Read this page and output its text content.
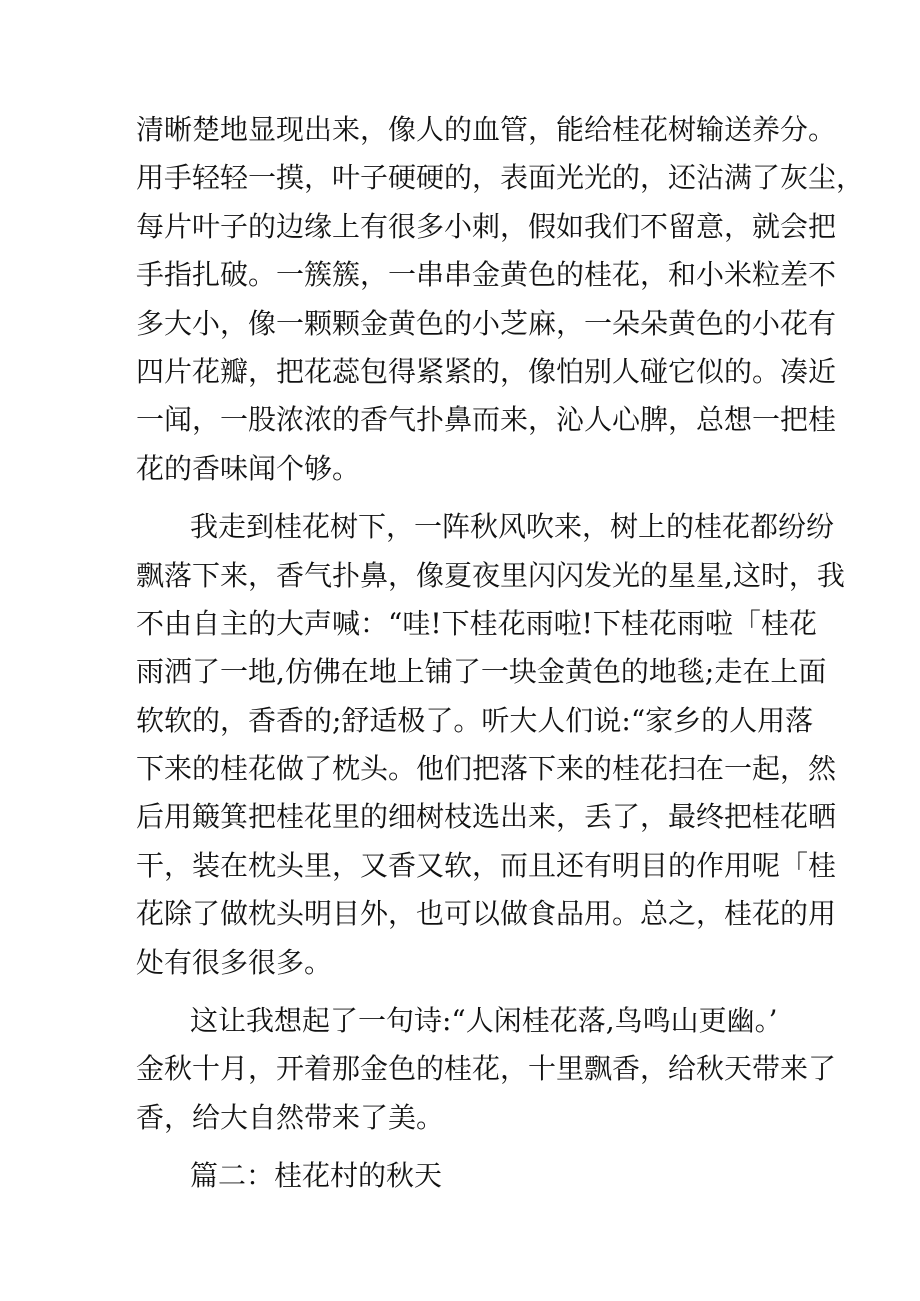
清晰楚地显现出来，像人的血管，能给桂花树输送养分。
用手轻轻一摸，叶子硬硬的，表面光光的，还沾满了灰尘，
每片叶子的边缘上有很多小刺，假如我们不留意，就会把
手指扎破。一簇簇，一串串金黄色的桂花，和小米粒差不
多大小，像一颗颗金黄色的小芝麻，一朵朵黄色的小花有
四片花瓣，把花蕊包得紧紧的，像怕别人碰它似的。凑近
一闻，一股浓浓的香气扑鼻而来，沁人心脾，总想一把桂
花的香味闻个够。
我走到桂花树下，一阵秋风吹来，树上的桂花都纷纷
飘落下来，香气扑鼻，像夏夜里闪闪发光的星星,这时，我
不由自主的大声喊：“哇!下桂花雨啦!下桂花雨啦「桂花
雨洒了一地,仿佛在地上铺了一块金黄色的地毯;走在上面
软软的，香香的;舒适极了。听大人们说:“家乡的人用落
下来的桂花做了枕头。他们把落下来的桂花扫在一起，然
后用簸箕把桂花里的细树枝选出来，丢了，最终把桂花晒
干，装在枕头里，又香又软，而且还有明目的作用呢「桂
花除了做枕头明目外，也可以做食品用。总之，桂花的用
处有很多很多。
这让我想起了一句诗:“人闲桂花落,鸟鸣山更幽。’
金秋十月，开着那金色的桂花，十里飘香，给秋天带来了
香，给大自然带来了美。
篇二：桂花村的秋天
